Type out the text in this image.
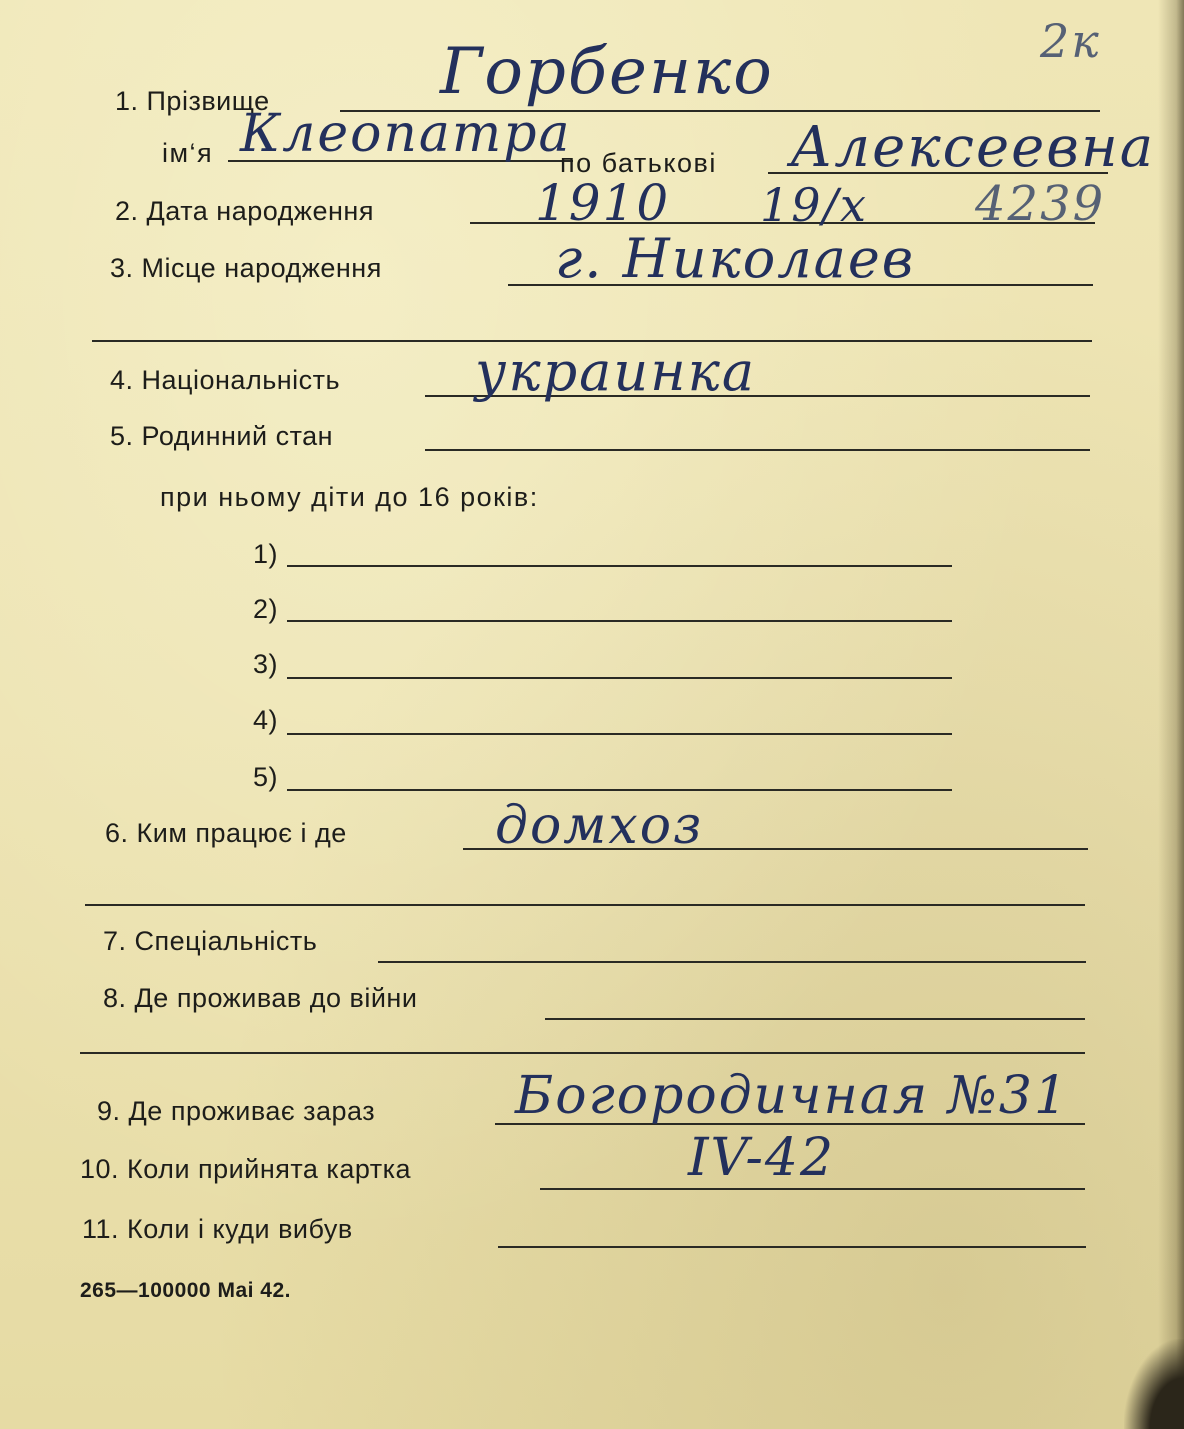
2к
1. Прізвище	Горбенко
ім‘я Клеопатра
по батькові Алексеевна
2. Дата народження	1910 19/x 4239
3. Місце народження	г. Николаев
4. Національність украинка
5. Родинний стан
при ньому діти до 16 років:
1)
2)
3)
4)
5)
6. Ким працює і де	домхоз
7. Спеціальність
8. Де проживав до війни
9. Де проживає зараз	Богородичная №31
10. Коли прийнята картка	IV-42
11. Коли і куди вибув
265—100000 Mai 42.
